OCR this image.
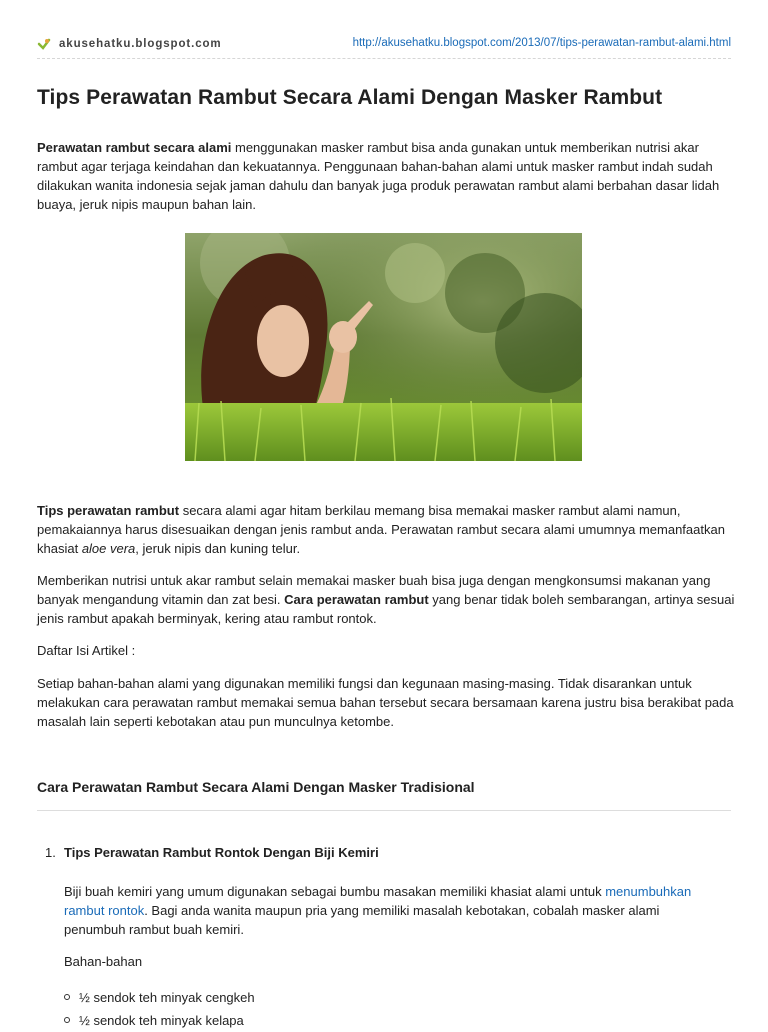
akusehatku.blogspot.com	http://akusehatku.blogspot.com/2013/07/tips-perawatan-rambut-alami.html
Tips Perawatan Rambut Secara Alami Dengan Masker Rambut

Perawatan rambut secara alami menggunakan masker rambut bisa anda gunakan untuk memberikan nutrisi akar rambut agar terjaga keindahan dan kekuatannya. Penggunaan bahan-bahan alami untuk masker rambut indah sudah dilakukan wanita indonesia sejak jaman dahulu dan banyak juga produk perawatan rambut alami berbahan dasar lidah buaya, jeruk nipis maupun bahan lain.

Tips perawatan rambut secara alami agar hitam berkilau memang bisa memakai masker rambut alami namun, pemakaiannya harus disesuaikan dengan jenis rambut anda. Perawatan rambut secara alami umumnya memanfaatkan khasiat aloe vera, jeruk nipis dan kuning telur.

Memberikan nutrisi untuk akar rambut selain memakai masker buah bisa juga dengan mengkonsumsi makanan yang banyak mengandung vitamin dan zat besi. Cara perawatan rambut yang benar tidak boleh sembarangan, artinya sesuai jenis rambut apakah berminyak, kering atau rambut rontok.

Daftar Isi Artikel :

Setiap bahan-bahan alami yang digunakan memiliki fungsi dan kegunaan masing-masing. Tidak disarankan untuk melakukan cara perawatan rambut memakai semua bahan tersebut secara bersamaan karena justru bisa berakibat pada masalah lain seperti kebotakan atau pun munculnya ketombe.

Cara Perawatan Rambut Secara Alami Dengan Masker Tradisional
1. Tips Perawatan Rambut Rontok Dengan Biji Kemiri

Biji buah kemiri yang umum digunakan sebagai bumbu masakan memiliki khasiat alami untuk menumbuhkan rambut rontok. Bagi anda wanita maupun pria yang memiliki masalah kebotakan, cobalah masker alami penumbuh rambut buah kemiri.

Bahan-bahan

½ sendok teh minyak cengkeh
½ sendok teh minyak kelapa
